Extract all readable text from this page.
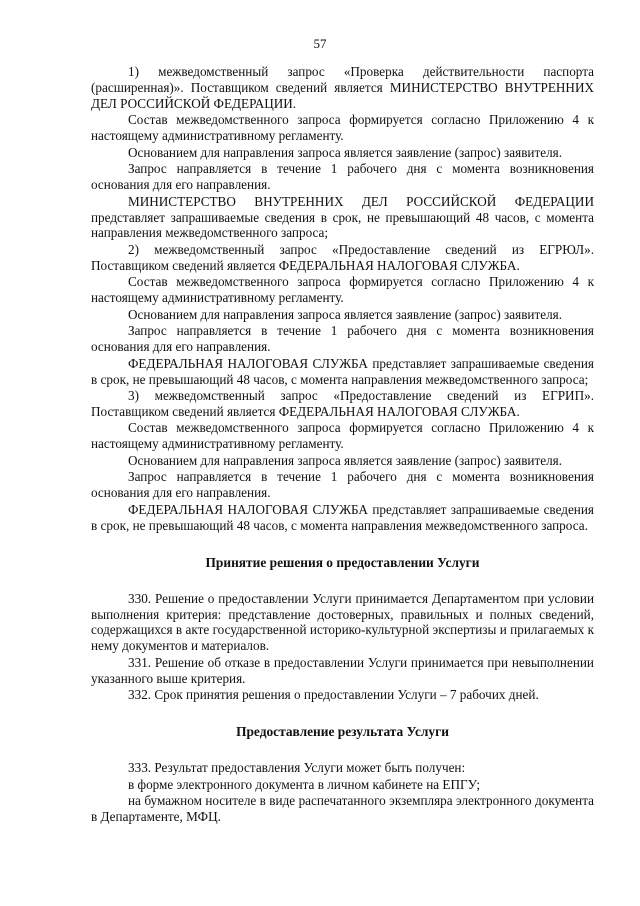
57

1) межведомственный запрос «Проверка действительности паспорта (расширенная)». Поставщиком сведений является МИНИСТЕРСТВО ВНУТРЕННИХ ДЕЛ РОССИЙСКОЙ ФЕДЕРАЦИИ.

Состав межведомственного запроса формируется согласно Приложению 4 к настоящему административному регламенту.

Основанием для направления запроса является заявление (запрос) заявителя.

Запрос направляется в течение 1 рабочего дня с момента возникновения основания для его направления.

МИНИСТЕРСТВО ВНУТРЕННИХ ДЕЛ РОССИЙСКОЙ ФЕДЕРАЦИИ представляет запрашиваемые сведения в срок, не превышающий 48 часов, с момента направления межведомственного запроса;

2) межведомственный запрос «Предоставление сведений из ЕГРЮЛ». Поставщиком сведений является ФЕДЕРАЛЬНАЯ НАЛОГОВАЯ СЛУЖБА.

Состав межведомственного запроса формируется согласно Приложению 4 к настоящему административному регламенту.

Основанием для направления запроса является заявление (запрос) заявителя.

Запрос направляется в течение 1 рабочего дня с момента возникновения основания для его направления.

ФЕДЕРАЛЬНАЯ НАЛОГОВАЯ СЛУЖБА представляет запрашиваемые сведения в срок, не превышающий 48 часов, с момента направления межведомственного запроса;

3) межведомственный запрос «Предоставление сведений из ЕГРИП». Поставщиком сведений является ФЕДЕРАЛЬНАЯ НАЛОГОВАЯ СЛУЖБА.

Состав межведомственного запроса формируется согласно Приложению 4 к настоящему административному регламенту.

Основанием для направления запроса является заявление (запрос) заявителя.

Запрос направляется в течение 1 рабочего дня с момента возникновения основания для его направления.

ФЕДЕРАЛЬНАЯ НАЛОГОВАЯ СЛУЖБА представляет запрашиваемые сведения в срок, не превышающий 48 часов, с момента направления межведомственного запроса.

Принятие решения о предоставлении Услуги

330. Решение о предоставлении Услуги принимается Департаментом при условии выполнения критерия: представление достоверных, правильных и полных сведений, содержащихся в акте государственной историко-культурной экспертизы и прилагаемых к нему документов и материалов.

331. Решение об отказе в предоставлении Услуги принимается при невыполнении указанного выше критерия.

332. Срок принятия решения о предоставлении Услуги – 7 рабочих дней.

Предоставление результата Услуги

333. Результат предоставления Услуги может быть получен:

в форме электронного документа в личном кабинете на ЕПГУ;

на бумажном носителе в виде распечатанного экземпляра электронного документа в Департаменте, МФЦ.
